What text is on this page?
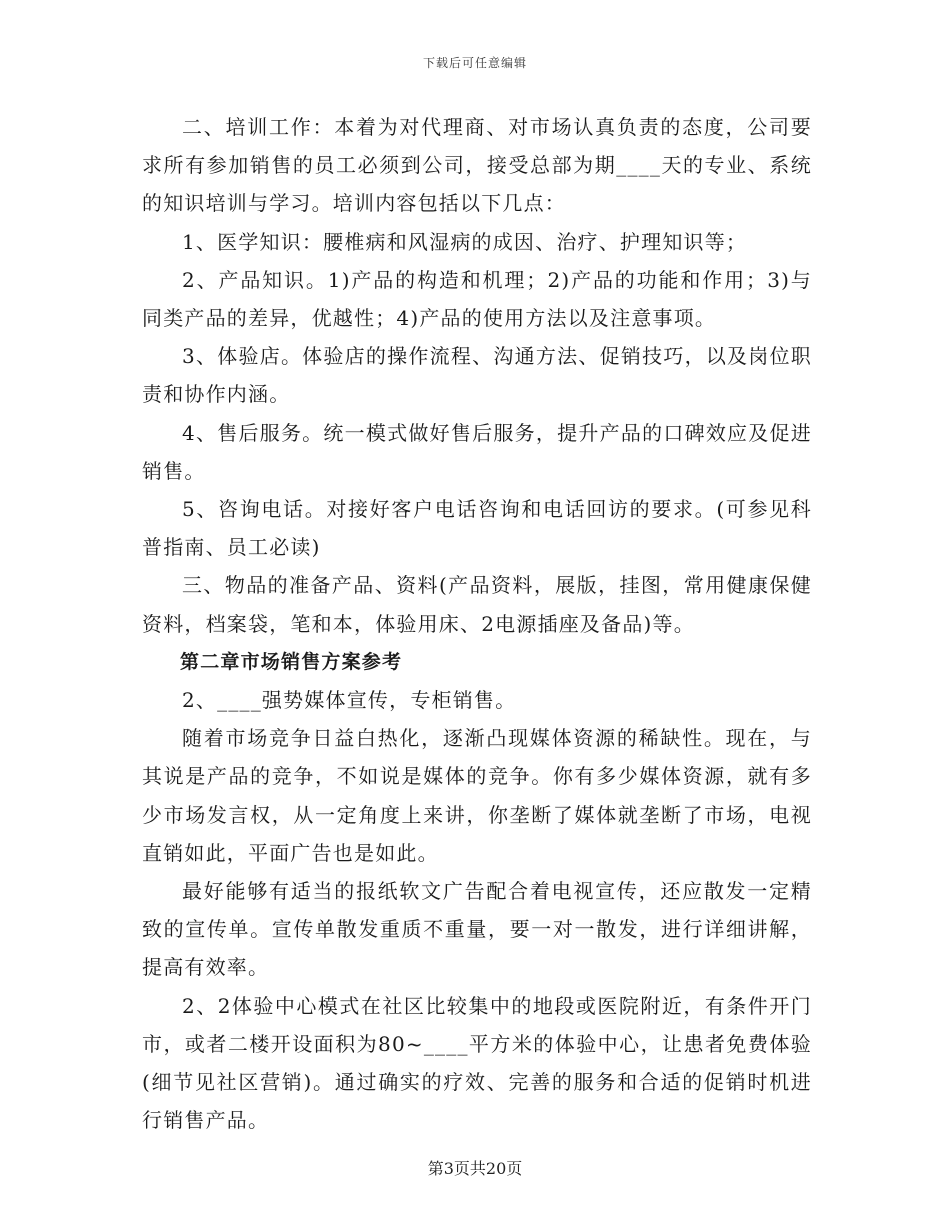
下载后可任意编辑

二、培训工作：本着为对代理商、对市场认真负责的态度，公司要求所有参加销售的员工必须到公司，接受总部为期____天的专业、系统的知识培训与学习。培训内容包括以下几点：

1、医学知识：腰椎病和风湿病的成因、治疗、护理知识等；

2、产品知识。1)产品的构造和机理；2)产品的功能和作用；3)与同类产品的差异，优越性；4)产品的使用方法以及注意事项。

3、体验店。体验店的操作流程、沟通方法、促销技巧，以及岗位职责和协作内涵。

4、售后服务。统一模式做好售后服务，提升产品的口碑效应及促进销售。

5、咨询电话。对接好客户电话咨询和电话回访的要求。(可参见科普指南、员工必读)

三、物品的准备产品、资料(产品资料，展版，挂图，常用健康保健资料，档案袋，笔和本，体验用床、2电源插座及备品)等。

第二章市场销售方案参考

2、____强势媒体宣传，专柜销售。

随着市场竞争日益白热化，逐渐凸现媒体资源的稀缺性。现在，与其说是产品的竞争，不如说是媒体的竞争。你有多少媒体资源，就有多少市场发言权，从一定角度上来讲，你垄断了媒体就垄断了市场，电视直销如此，平面广告也是如此。

最好能够有适当的报纸软文广告配合着电视宣传，还应散发一定精致的宣传单。宣传单散发重质不重量，要一对一散发，进行详细讲解，提高有效率。

2、2体验中心模式在社区比较集中的地段或医院附近，有条件开门市，或者二楼开设面积为80~____平方米的体验中心，让患者免费体验(细节见社区营销)。通过确实的疗效、完善的服务和合适的促销时机进行销售产品。

第3页共20页
